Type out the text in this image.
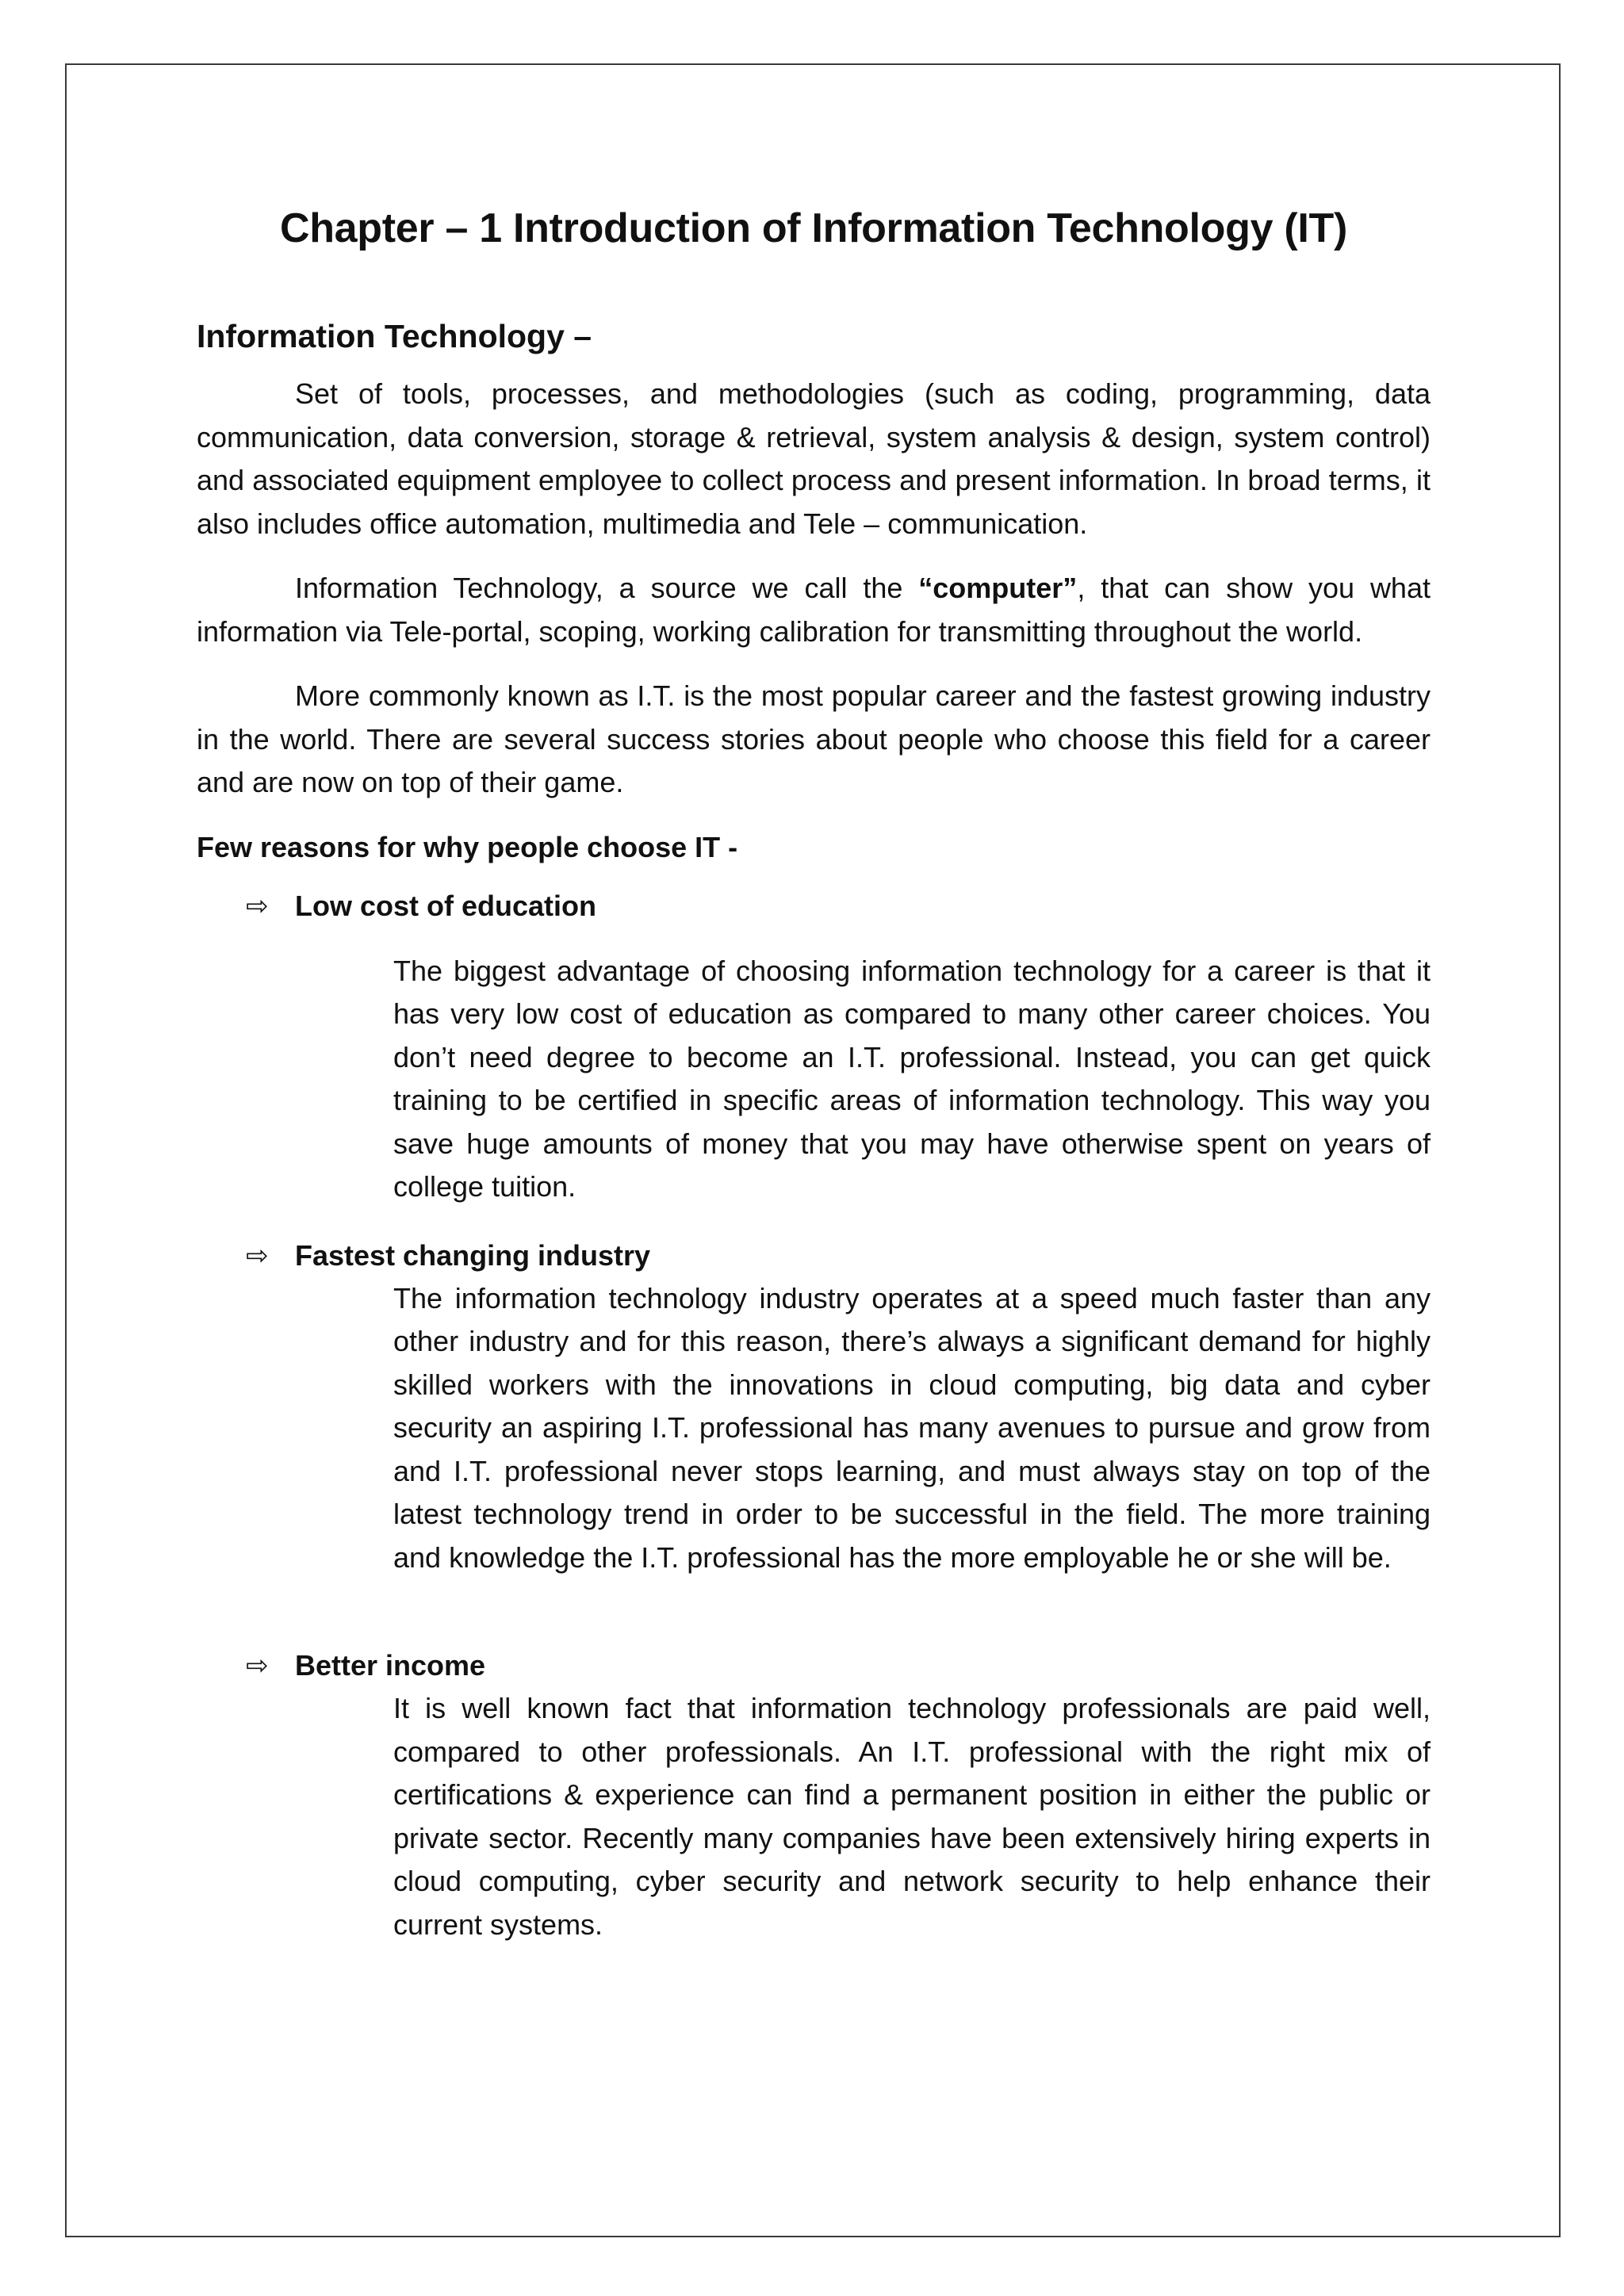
Chapter – 1 Introduction of Information Technology (IT)
Information Technology –

Set of tools, processes, and methodologies (such as coding, programming, data communication, data conversion, storage & retrieval, system analysis & design, system control) and associated equipment employee to collect process and present information. In broad terms, it also includes office automation, multimedia and Tele – communication.

Information Technology, a source we call the “computer”, that can show you what information via Tele-portal, scoping, working calibration for transmitting throughout the world.

More commonly known as I.T. is the most popular career and the fastest growing industry in the world. There are several success stories about people who choose this field for a career and are now on top of their game.

Few reasons for why people choose IT -
⇨ Low cost of education

The biggest advantage of choosing information technology for a career is that it has very low cost of education as compared to many other career choices. You don’t need degree to become an I.T. professional. Instead, you can get quick training to be certified in specific areas of information technology. This way you save huge amounts of money that you may have otherwise spent on years of college tuition.

⇨ Fastest changing industry

The information technology industry operates at a speed much faster than any other industry and for this reason, there’s always a significant demand for highly skilled workers with the innovations in cloud computing, big data and cyber security an aspiring I.T. professional has many avenues to pursue and grow from and I.T. professional never stops learning, and must always stay on top of the latest technology trend in order to be successful in the field. The more training and knowledge the I.T. professional has the more employable he or she will be.

⇨ Better income

It is well known fact that information technology professionals are paid well, compared to other professionals. An I.T. professional with the right mix of certifications & experience can find a permanent position in either the public or private sector. Recently many companies have been extensively hiring experts in cloud computing, cyber security and network security to help enhance their current systems.
